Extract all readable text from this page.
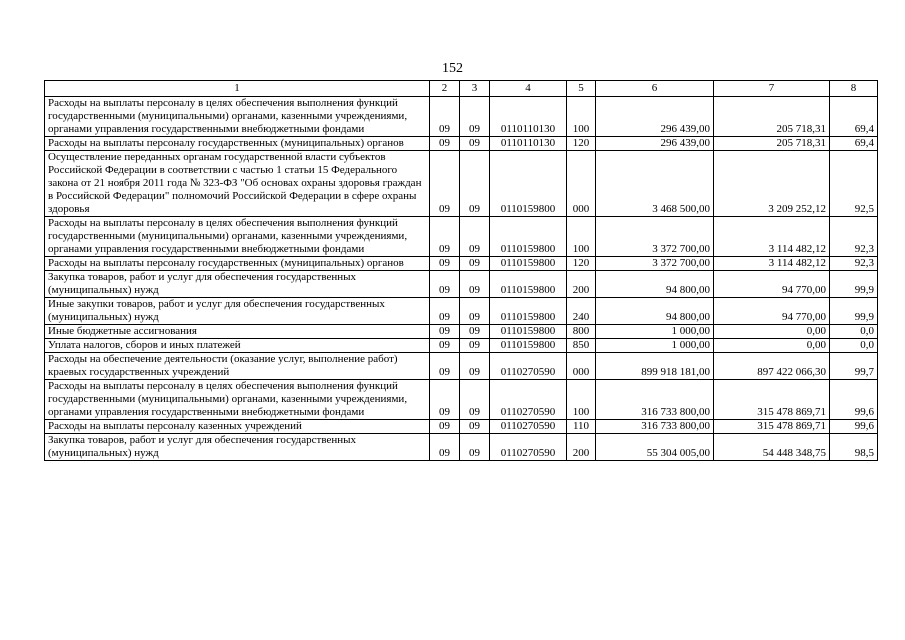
152
1	2	3	4	5	6	7	8
Расходы на выплаты персоналу в целях обеспечения выполнения функций государственными (муниципальными) органами, казенными учреждениями, органами управления государственными внебюджетными фондами	09	09	0110110130	100	296 439,00	205 718,31	69,4
Расходы на выплаты персоналу государственных (муниципальных) органов	09	09	0110110130	120	296 439,00	205 718,31	69,4
Осуществление переданных органам государственной власти субъектов Российской Федерации в соответствии с частью 1 статьи 15 Федерального закона от 21 ноября 2011 года № 323-ФЗ "Об основах охраны здоровья граждан в Российской Федерации" полномочий Российской Федерации в сфере охраны здоровья	09	09	0110159800	000	3 468 500,00	3 209 252,12	92,5
Расходы на выплаты персоналу в целях обеспечения выполнения функций государственными (муниципальными) органами, казенными учреждениями, органами управления государственными внебюджетными фондами	09	09	0110159800	100	3 372 700,00	3 114 482,12	92,3
Расходы на выплаты персоналу государственных (муниципальных) органов	09	09	0110159800	120	3 372 700,00	3 114 482,12	92,3
Закупка товаров, работ и услуг для обеспечения государственных (муниципальных) нужд	09	09	0110159800	200	94 800,00	94 770,00	99,9
Иные закупки товаров, работ и услуг для обеспечения государственных (муниципальных) нужд	09	09	0110159800	240	94 800,00	94 770,00	99,9
Иные бюджетные ассигнования	09	09	0110159800	800	1 000,00	0,00	0,0
Уплата налогов, сборов и иных платежей	09	09	0110159800	850	1 000,00	0,00	0,0
Расходы на обеспечение деятельности (оказание услуг, выполнение работ) краевых государственных учреждений	09	09	0110270590	000	899 918 181,00	897 422 066,30	99,7
Расходы на выплаты персоналу в целях обеспечения выполнения функций государственными (муниципальными) органами, казенными учреждениями, органами управления государственными внебюджетными фондами	09	09	0110270590	100	316 733 800,00	315 478 869,71	99,6
Расходы на выплаты персоналу казенных учреждений	09	09	0110270590	110	316 733 800,00	315 478 869,71	99,6
Закупка товаров, работ и услуг для обеспечения государственных (муниципальных) нужд	09	09	0110270590	200	55 304 005,00	54 448 348,75	98,5
